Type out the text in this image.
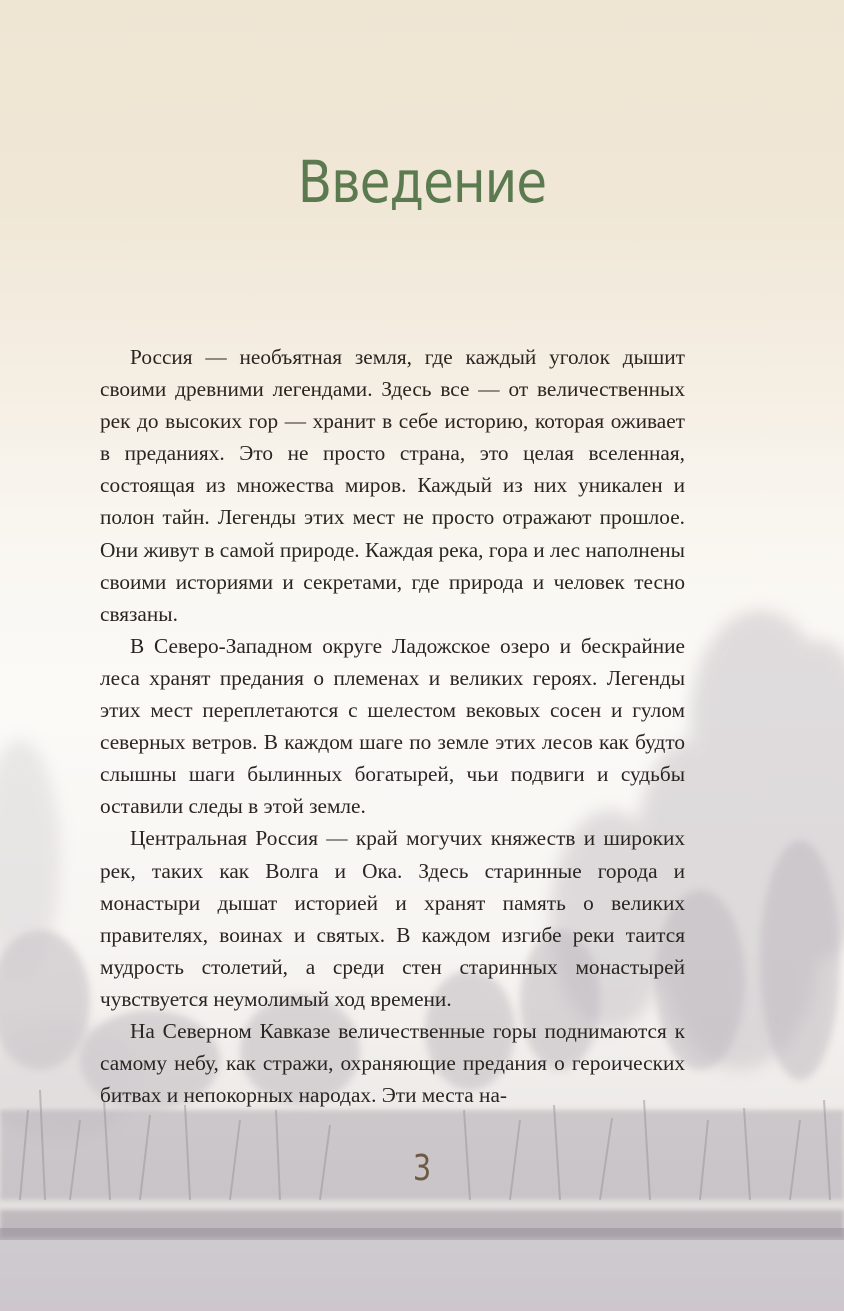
Введение

Россия — необъятная земля, где каждый уголок дышит своими древними легендами. Здесь все — от величественных рек до высоких гор — хранит в себе историю, которая оживает в преданиях. Это не просто страна, это целая вселенная, состоящая из множества миров. Каждый из них уникален и полон тайн. Легенды этих мест не просто отражают прошлое. Они живут в самой природе. Каждая река, гора и лес наполнены своими историями и секретами, где природа и человек тесно связаны.

В Северо-Западном округе Ладожское озеро и бескрайние леса хранят предания о племенах и великих героях. Легенды этих мест переплетаются с шелестом вековых сосен и гулом северных ветров. В каждом шаге по земле этих лесов как будто слышны шаги былинных богатырей, чьи подвиги и судьбы оставили следы в этой земле.

Центральная Россия — край могучих княжеств и широких рек, таких как Волга и Ока. Здесь старинные города и монастыри дышат историей и хранят память о великих правителях, воинах и святых. В каждом изгибе реки таится мудрость столетий, а среди стен старинных монастырей чувствуется неумолимый ход времени.

На Северном Кавказе величественные горы поднимаются к самому небу, как стражи, охраняющие предания о героических битвах и непокорных народах. Эти места на-

3
